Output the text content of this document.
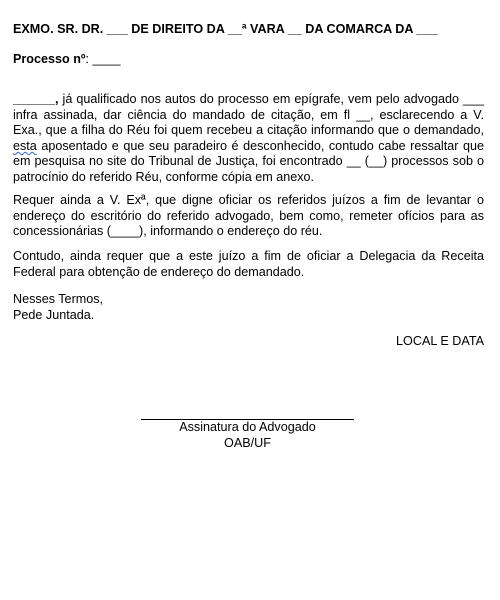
EXMO. SR. DR. ___ DE DIREITO DA __ª VARA __ DA COMARCA DA ___
Processo nº: ____
______, já qualificado nos autos do processo em epígrafe, vem pelo advogado ___ infra assinada, dar ciência do mandado de citação, em fl __, esclarecendo a V. Exa., que a filha do Réu foi quem recebeu a citação informando que o demandado, esta aposentado e que seu paradeiro é desconhecido, contudo cabe ressaltar que em pesquisa no site do Tribunal de Justiça, foi encontrado __ (__) processos sob o patrocínio do referido Réu, conforme cópia em anexo.
Requer ainda a V. Exª, que digne oficiar os referidos juízos a fim de levantar o endereço do escritório do referido advogado, bem como, remeter ofícios para as concessionárias (____), informando o endereço do réu.
Contudo, ainda requer que a este juízo a fim de oficiar a Delegacia da Receita Federal para obtenção de endereço do demandado.
Nesses Termos,
Pede Juntada.
LOCAL E DATA
Assinatura do Advogado
OAB/UF
